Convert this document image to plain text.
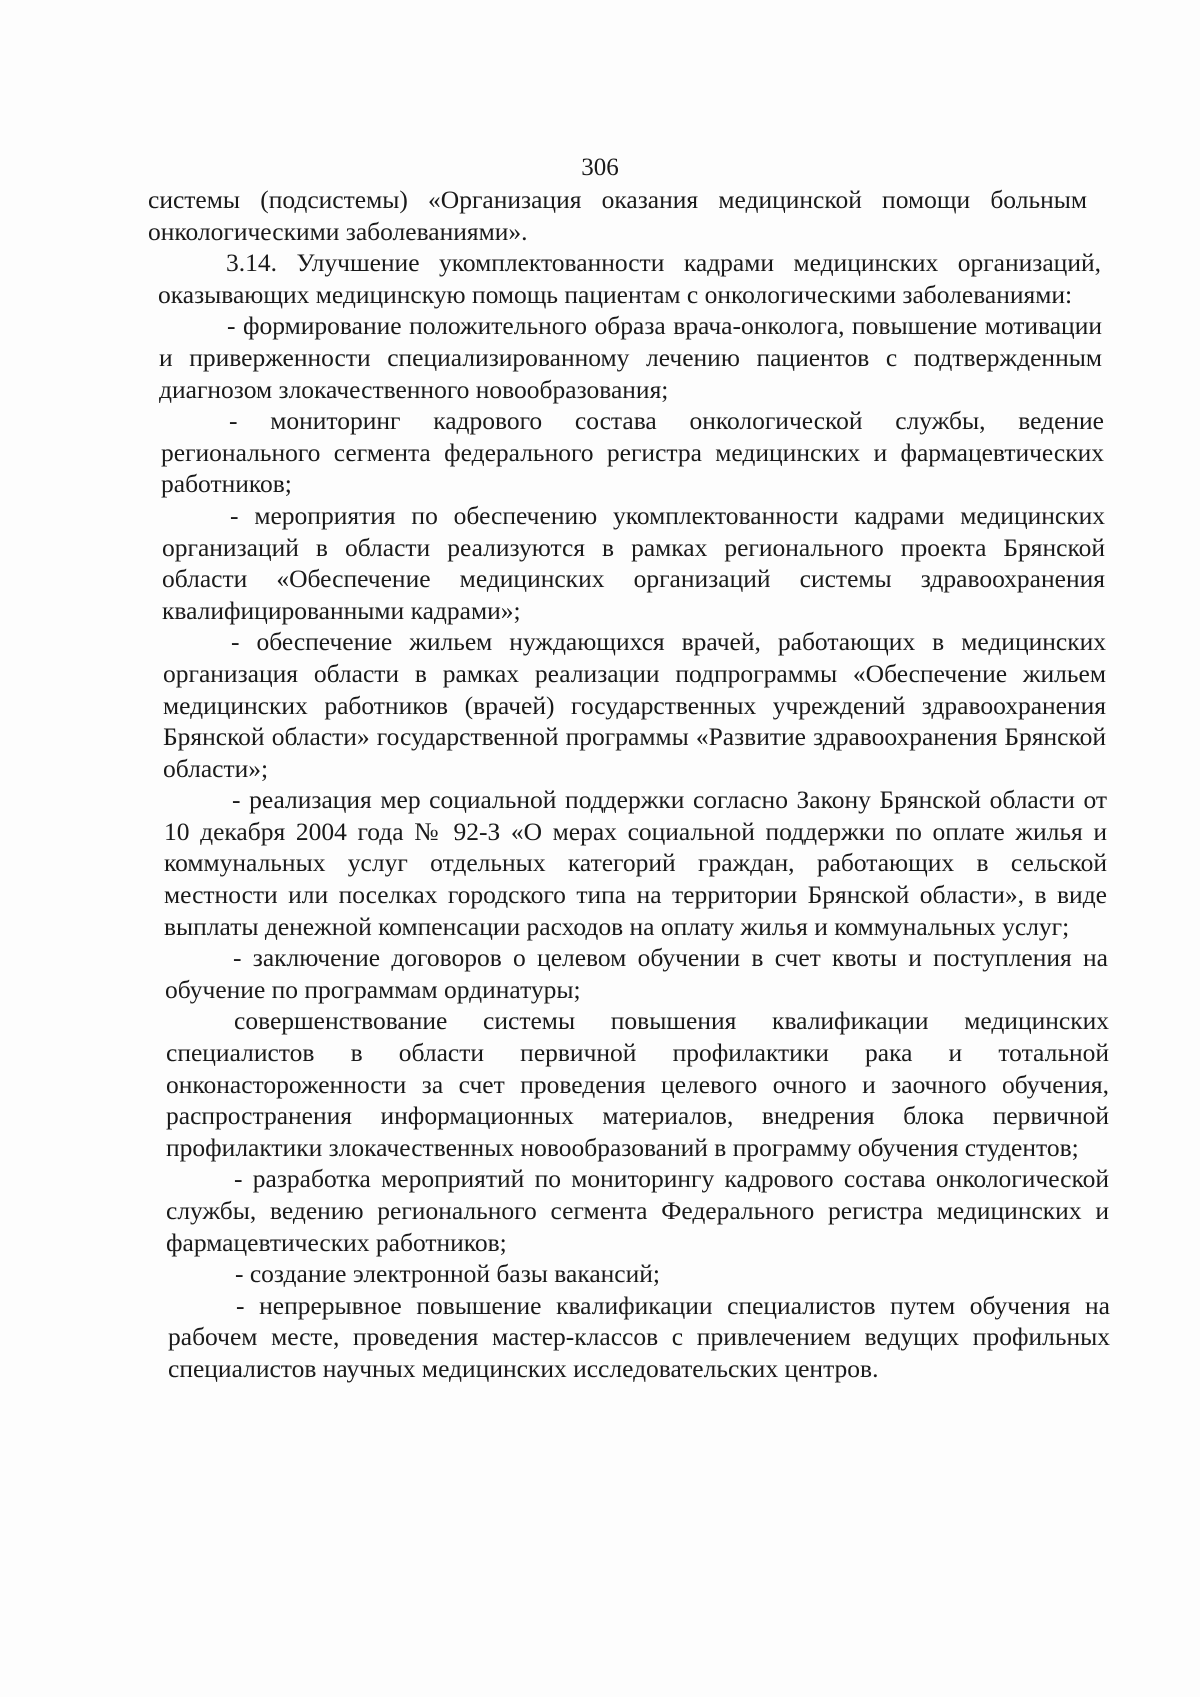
306

системы (подсистемы) «Организация оказания медицинской помощи больным онкологическими заболеваниями».

3.14. Улучшение укомплектованности кадрами медицинских организаций, оказывающих медицинскую помощь пациентам с онкологическими заболеваниями:

- формирование положительного образа врача-онколога, повышение мотивации и приверженности специализированному лечению пациентов с подтвержденным диагнозом злокачественного новообразования;

- мониторинг кадрового состава онкологической службы, ведение регионального сегмента федерального регистра медицинских и фармацевтических работников;

- мероприятия по обеспечению укомплектованности кадрами медицинских организаций в области реализуются в рамках регионального проекта Брянской области «Обеспечение медицинских организаций системы здравоохранения квалифицированными кадрами»;

- обеспечение жильем нуждающихся врачей, работающих в медицинских организация области в рамках реализации подпрограммы «Обеспечение жильем медицинских работников (врачей) государственных учреждений здравоохранения Брянской области» государственной программы «Развитие здравоохранения Брянской области»;

- реализация мер социальной поддержки согласно Закону Брянской области от 10 декабря 2004 года № 92-З «О мерах социальной поддержки по оплате жилья и коммунальных услуг отдельных категорий граждан, работающих в сельской местности или поселках городского типа на территории Брянской области», в виде выплаты денежной компенсации расходов на оплату жилья и коммунальных услуг;

- заключение договоров о целевом обучении в счет квоты и поступления на обучение по программам ординатуры;

совершенствование системы повышения квалификации медицинских специалистов в области первичной профилактики рака и тотальной онконастороженности за счет проведения целевого очного и заочного обучения, распространения информационных материалов, внедрения блока первичной профилактики злокачественных новообразований в программу обучения студентов;

- разработка мероприятий по мониторингу кадрового состава онкологической службы, ведению регионального сегмента Федерального регистра медицинских и фармацевтических работников;

- создание электронной базы вакансий;

- непрерывное повышение квалификации специалистов путем обучения на рабочем месте, проведения мастер-классов с привлечением ведущих профильных специалистов научных медицинских исследовательских центров.
